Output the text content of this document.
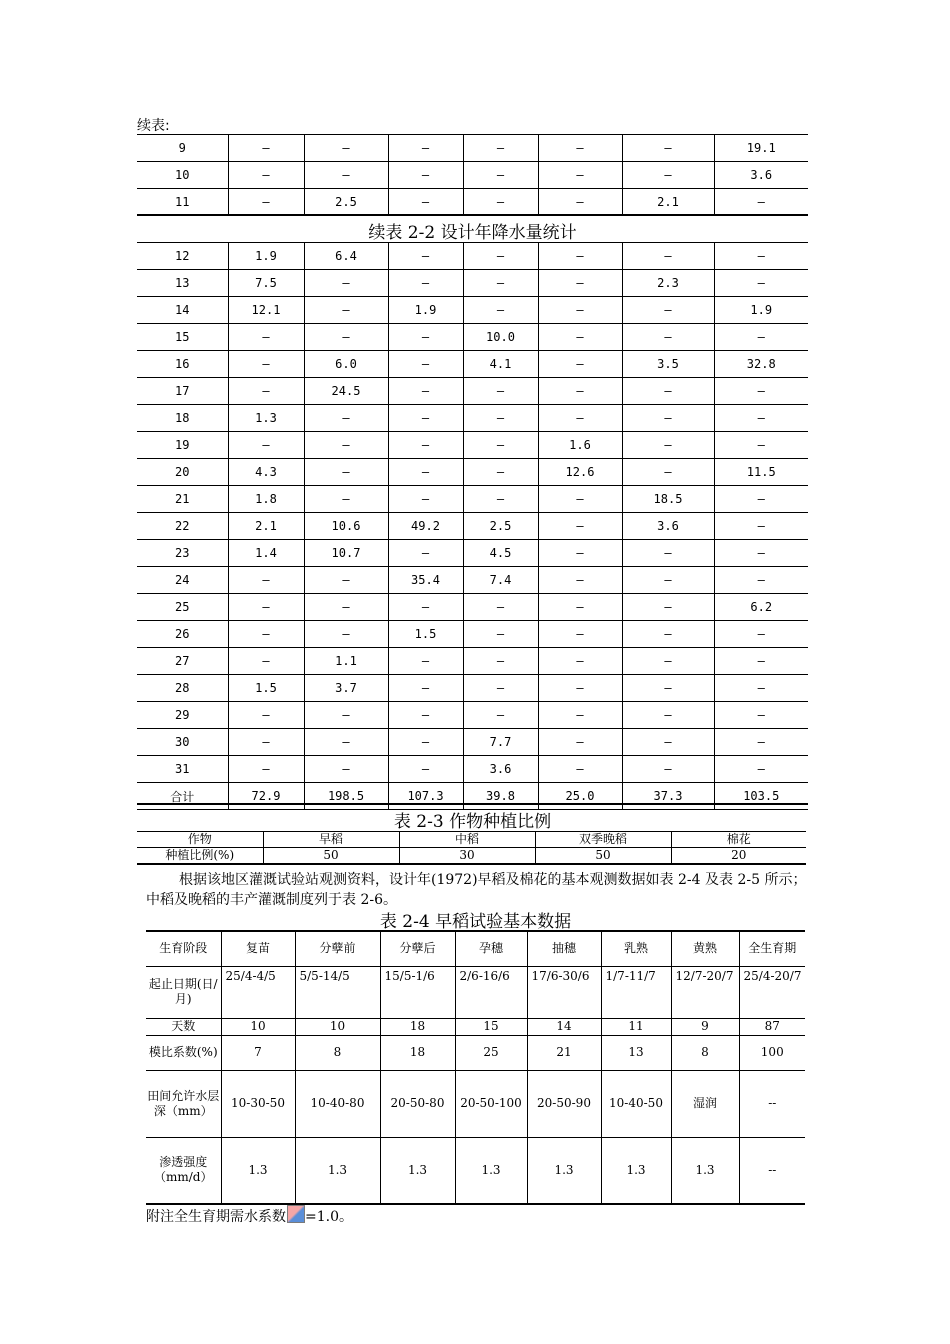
续表:
9	—	—	—	—	—	—	19.1
10	—	—	—	—	—	—	3.6
11	—	2.5	—	—	—	2.1	—
续表 2-2 设计年降水量统计
12	1.9	6.4	—	—	—	—	—
13	7.5	—	—	—	—	2.3	—
14	12.1	—	1.9	—	—	—	1.9
15	—	—	—	10.0	—	—	—
16	—	6.0	—	4.1	—	3.5	32.8
17	—	24.5	—	—	—	—	—
18	1.3	—	—	—	—	—	—
19	—	—	—	—	1.6	—	—
20	4.3	—	—	—	12.6	—	11.5
21	1.8	—	—	—	—	18.5	—
22	2.1	10.6	49.2	2.5	—	3.6	—
23	1.4	10.7	—	4.5	—	—	—
24	—	—	35.4	7.4	—	—	—
25	—	—	—	—	—	—	6.2
26	—	—	1.5	—	—	—	—
27	—	1.1	—	—	—	—	—
28	1.5	3.7	—	—	—	—	—
29	—	—	—	—	—	—	—
30	—	—	—	7.7	—	—	—
31	—	—	—	3.6	—	—	—
合计	72.9	198.5	107.3	39.8	25.0	37.3	103.5
表 2-3 作物种植比例
作物	早稻	中稻	双季晚稻	棉花
种植比例(%)	50	30	50	20
根据该地区灌溉试验站观测资料，设计年(1972)早稻及棉花的基本观测数据如表 2-4 及表 2-5 所示；中稻及晚稻的丰产灌溉制度列于表 2-6。
表 2-4 早稻试验基本数据
生育阶段	复苗	分孽前	分孽后	孕穗	抽穗	乳熟	黄熟	全生育期
起止日期(日/月)	25/4-4/5	5/5-14/5	15/5-1/6	2/6-16/6	17/6-30/6	1/7-11/7	12/7-20/7	25/4-20/7
天数	10	10	18	15	14	11	9	87
模比系数(%)	7	8	18	25	21	13	8	100
田间允许水层深（mm）	10-30-50	10-40-80	20-50-80	20-50-100	20-50-90	10-40-50	湿润	--
渗透强度（mm/d）	1.3	1.3	1.3	1.3	1.3	1.3	1.3	--
附注全生育期需水系数 =1.0。
